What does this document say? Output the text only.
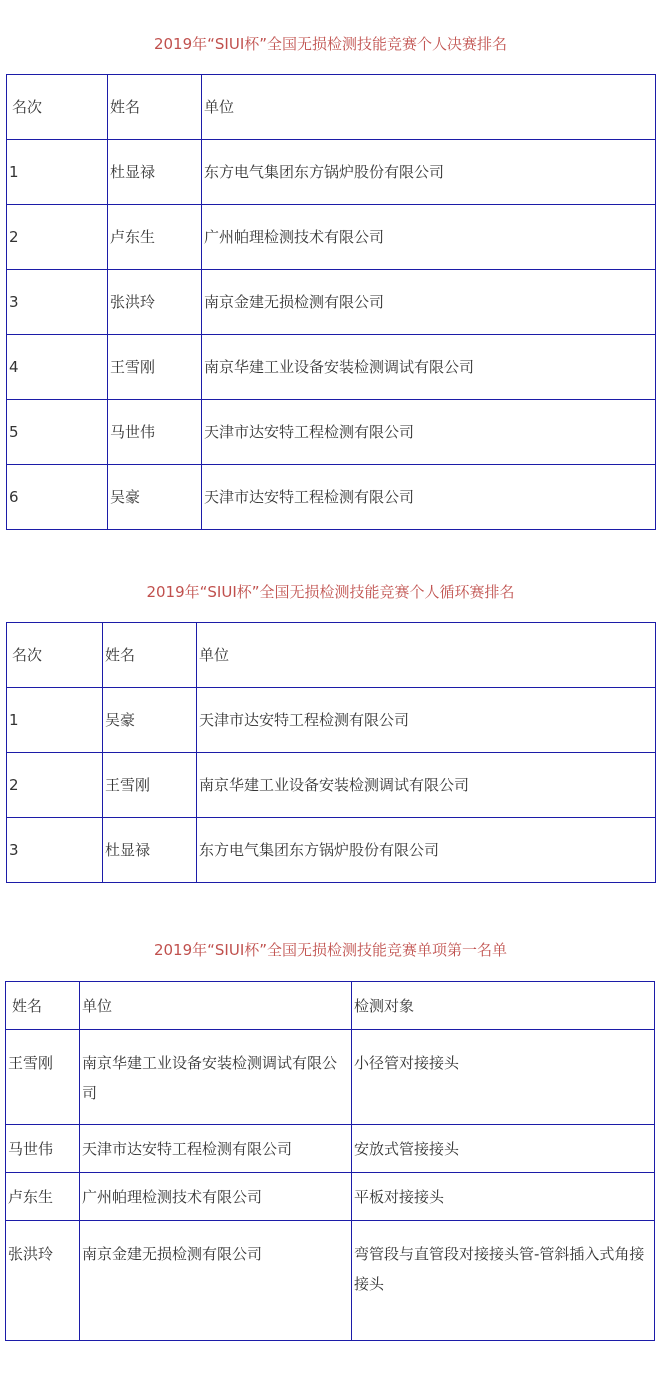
2019年“SIUI杯”全国无损检测技能竞赛个人决赛排名
名次	姓名	单位
1	杜显禄	东方电气集团东方锅炉股份有限公司
2	卢东生	广州帕理检测技术有限公司
3	张洪玲	南京金建无损检测有限公司
4	王雪刚	南京华建工业设备安装检测调试有限公司
5	马世伟	天津市达安特工程检测有限公司
6	吴豪	天津市达安特工程检测有限公司
2019年“SIUI杯”全国无损检测技能竞赛个人循环赛排名
名次	姓名	单位
1	吴豪	天津市达安特工程检测有限公司
2	王雪刚	南京华建工业设备安装检测调试有限公司
3	杜显禄	东方电气集团东方锅炉股份有限公司
2019年“SIUI杯”全国无损检测技能竞赛单项第一名单
姓名	单位	检测对象
王雪刚	南京华建工业设备安装检测调试有限公司	小径管对接接头
马世伟	天津市达安特工程检测有限公司	安放式管接接头
卢东生	广州帕理检测技术有限公司	平板对接接头
张洪玲	南京金建无损检测有限公司	弯管段与直管段对接接头管-管斜插入式角接接头
